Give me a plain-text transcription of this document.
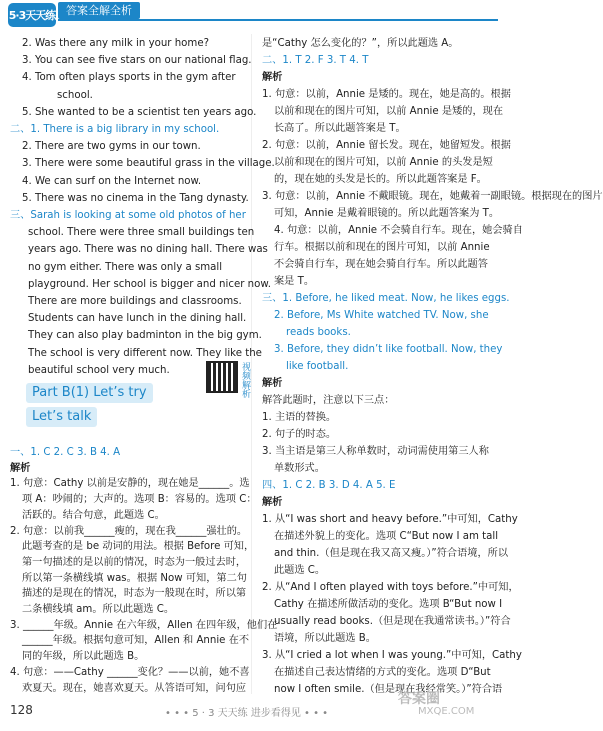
5·3天天练 答案全解全析
2. Was there any milk in your home?
3. You can see five stars on our national flag.
4. Tom often plays sports in the gym after
school.
5. She wanted to be a scientist ten years ago.
二、1. There is a big library in my school.
2. There are two gyms in our town.
3. There were some beautiful grass in the village.
4. We can surf on the Internet now.
5. There was no cinema in the Tang dynasty.
三、Sarah is looking at some old photos of her
school. There were three small buildings ten
years ago. There was no dining hall. There was
no gym either. There was only a small
playground. Her school is bigger and nicer now.
There are more buildings and classrooms.
Students can have lunch in the dining hall.
They can also play badminton in the big gym.
The school is very different now. They like the
beautiful school very much.
Part B(1) Let’s try
Let’s talk
视频解析
一、1. C 2. C 3. B 4. A
解析
1. 句意：Cathy 以前是安静的，现在她是______。选
项 A：吵闹的；大声的。选项 B：容易的。选项 C：
活跃的。结合句意，此题选 C。
2. 句意：以前我______瘦的，现在我______强壮的。
此题考查的是 be 动词的用法。根据 Before 可知，
第一句描述的是以前的情况，时态为一般过去时，
所以第一条横线填 was。根据 Now 可知，第二句
描述的是现在的情况，时态为一般现在时，所以第
二条横线填 am。所以此题选 C。
3. ______年级。Annie 在六年级，Allen 在四年级，他们在
______年级。根据句意可知，Allen 和 Annie 在不
同的年级，所以此题选 B。
4. 句意：——Cathy ______变化？——以前，她不喜
欢夏天。现在，她喜欢夏天。从答语可知，问句应
是“Cathy 怎么变化的？”，所以此题选 A。
二、1. T 2. F 3. T 4. T
解析
1. 句意：以前，Annie 是矮的。现在，她是高的。根据
以前和现在的图片可知，以前 Annie 是矮的，现在
长高了。所以此题答案是 T。
2. 句意：以前，Annie 留长发。现在，她留短发。根据
以前和现在的图片可知，以前 Annie 的头发是短
的，现在她的头发是长的。所以此题答案是 F。
3. 句意：以前，Annie 不戴眼镜。现在，她戴着一副眼镜。根据现在的图片
可知，Annie 是戴着眼镜的。所以此题答案为 T。
4. 句意：以前，Annie 不会骑自行车。现在，她会骑自
行车。根据以前和现在的图片可知，以前 Annie
不会骑自行车，现在她会骑自行车。所以此题答
案是 T。
三、1. Before, he liked meat. Now, he likes eggs.
2. Before, Ms White watched TV. Now, she
reads books.
3. Before, they didn’t like football. Now, they
like football.
解析
解答此题时，注意以下三点：
1. 主语的替换。
2. 句子的时态。
3. 当主语是第三人称单数时，动词需使用第三人称
单数形式。
四、1. C 2. B 3. D 4. A 5. E
解析
1. 从“I was short and heavy before.”中可知，Cathy
在描述外貌上的变化。选项 C“But now I am tall
and thin.（但是现在我又高又瘦。）”符合语境，所以
此题选 C。
2. 从“And I often played with toys before.”中可知，
Cathy 在描述所做活动的变化。选项 B“But now I
usually read books.（但是现在我通常读书。）”符合
语境，所以此题选 B。
3. 从“I cried a lot when I was young.”中可知，Cathy
在描述自己表达情绪的方式的变化。选项 D“But
now I often smile.（但是现在我经常笑。）”符合语
128	• • • 5 · 3 天天练 进步看得见 • • •
答案圈
MXQE.COM
